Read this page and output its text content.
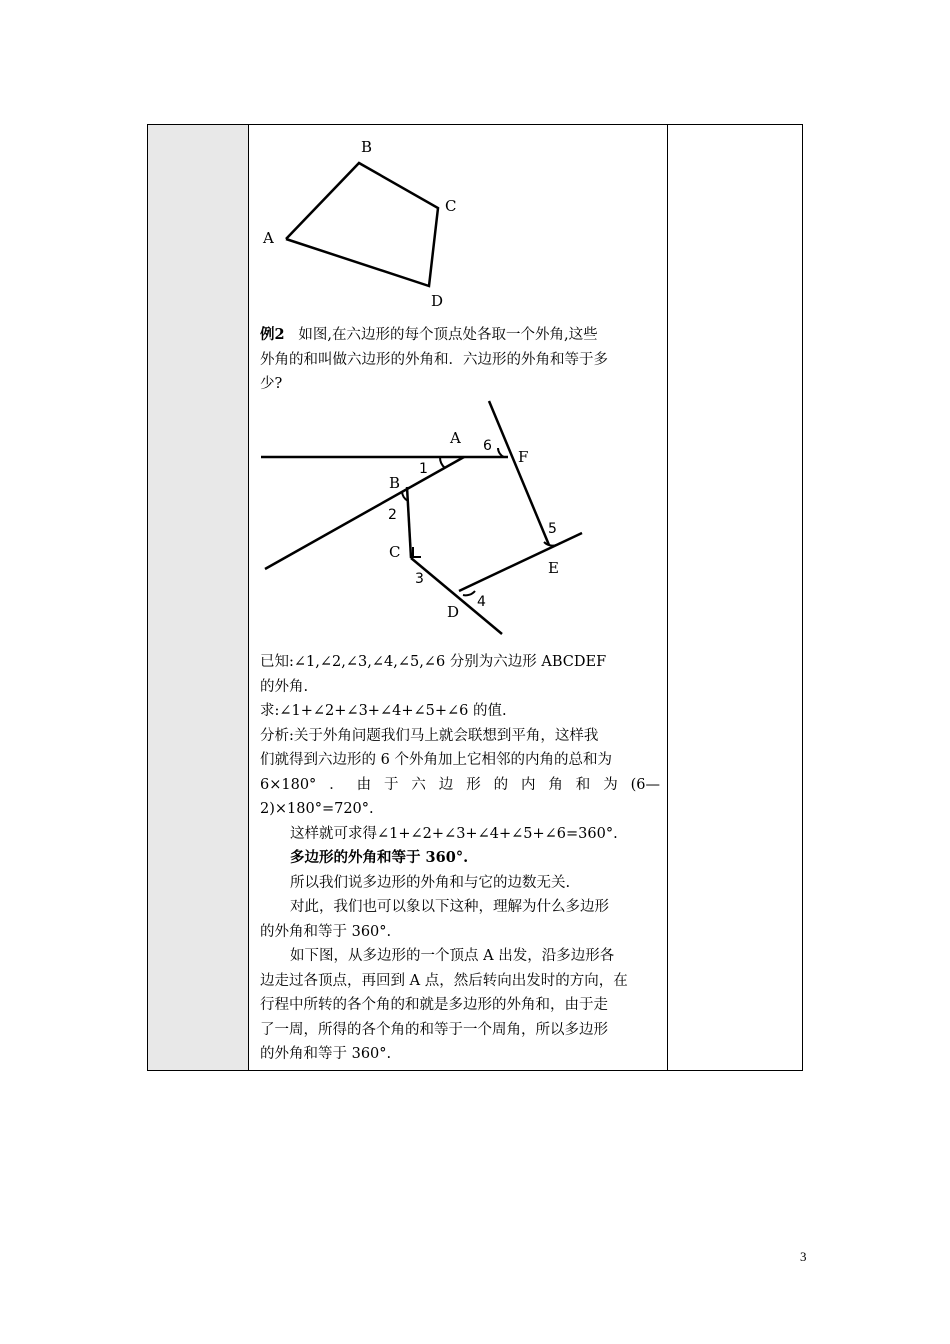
A
B
C
D

例2 如图,在六边形的每个顶点处各取一个外角,这些

外角的和叫做六边形的外角和．六边形的外角和等于多

少?

A
B
C
D
E
F
1
2
3
4
5
6

已知:∠1,∠2,∠3,∠4,∠5,∠6 分别为六边形 ABCDEF

的外角.

求:∠1+∠2+∠3+∠4+∠5+∠6 的值.

分析:关于外角问题我们马上就会联想到平角，这样我

们就得到六边形的 6 个外角加上它相邻的内角的总和为

6×180°．由于六边形的内角和为(6—

2)×180°=720°.

这样就可求得∠1+∠2+∠3+∠4+∠5+∠6=360°.

多边形的外角和等于 360°.

所以我们说多边形的外角和与它的边数无关.

对此，我们也可以象以下这种，理解为什么多边形

的外角和等于 360°.

如下图，从多边形的一个顶点 A 出发，沿多边形各

边走过各顶点，再回到 A 点，然后转向出发时的方向，在

行程中所转的各个角的和就是多边形的外角和，由于走

了一周，所得的各个角的和等于一个周角，所以多边形

的外角和等于 360°.

3
